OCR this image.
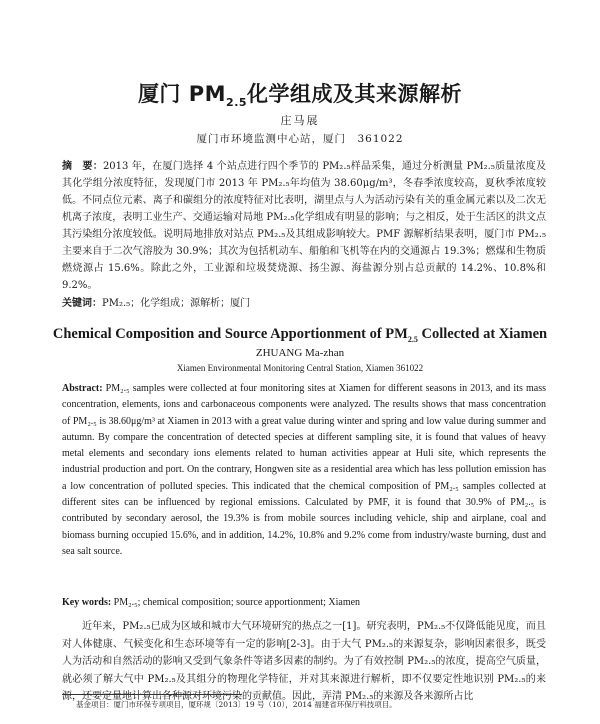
厦门 $PM_{2.5}$化学组成及其来源解析
庄马展
厦门市环境监测中心站，厦门　361022
摘　要：2013 年，在厦门选择 4 个站点进行四个季节的 PM₂.₅样品采集，通过分析测量 PM₂.₅质量浓度及其化学组分浓度特征，发现厦门市 2013 年 PM₂.₅年均值为 38.60μg/m³，冬春季浓度较高，夏秋季浓度较低。不同点位元素、离子和碳组分的浓度特征对比表明，湖里点与人为活动污染有关的重金属元素以及二次无机离子浓度，表明工业生产、交通运输对局地 PM₂.₅化学组成有明显的影响；与之相反，处于生活区的洪文点其污染组分浓度较低。说明局地排放对站点 PM₂.₅及其组成影响较大。PMF 源解析结果表明，厦门市 PM₂.₅主要来自于二次气溶胶为 30.9%；其次为包括机动车、船舶和飞机等在内的交通源占 19.3%；燃煤和生物质燃烧源占 15.6%。除此之外，工业源和垃圾焚烧源、扬尘源、海盐源分别占总贡献的 14.2%、10.8%和 9.2%。
关键词：PM₂.₅；化学组成；源解析；厦门
Chemical Composition and Source Apportionment of $PM_{2.5}$ Collected at Xiamen
ZHUANG Ma-zhan
Xiamen Environmental Monitoring Central Station, Xiamen 361022
Abstract: PM₂.₅ samples were collected at four monitoring sites at Xiamen for different seasons in 2013, and its mass concentration, elements, ions and carbonaceous components were analyzed. The results shows that mass concentration of PM₂.₅ is 38.60μg/m³ at Xiamen in 2013 with a great value during winter and spring and low value during summer and autumn. By compare the concentration of detected species at different sampling site, it is found that values of heavy metal elements and secondary ions elements related to human activities appear at Huli site, which represents the industrial production and port. On the contrary, Hongwen site as a residential area which has less pollution emission has a low concentration of polluted species. This indicated that the chemical composition of PM₂.₅ samples collected at different sites can be influenced by regional emissions. Calculated by PMF, it is found that 30.9% of PM₂.₅ is contributed by secondary aerosol, the 19.3% is from mobile sources including vehicle, ship and airplane, coal and biomass burning occupied 15.6%, and in addition, 14.2%, 10.8% and 9.2% come from industry/waste burning, dust and sea salt source.
Key words: PM₂.₅; chemical composition; source apportionment; Xiamen
近年来，PM₂.₅已成为区域和城市大气环境研究的热点之一[1]。研究表明，PM₂.₅不仅降低能见度，而且对人体健康、气候变化和生态环境等有一定的影响[2-3]。由于大气 PM₂.₅的来源复杂，影响因素很多，既受人为活动和自然活动的影响又受到气象条件等诸多因素的制约。为了有效控制 PM₂.₅的浓度，提高空气质量，就必须了解大气中 PM₂.₅及其组分的物理化学特征，并对其来源进行解析，即不仅要定性地识别 PM₂.₅的来源，还要定量地计算出各种源对环境污染的贡献值。因此，弄清 PM₂.₅的来源及各来源所占比
基金项目：厦门市环保专项项目，厦环规〔2013〕19 号（10），2014 福建省环保厅科技项目。
